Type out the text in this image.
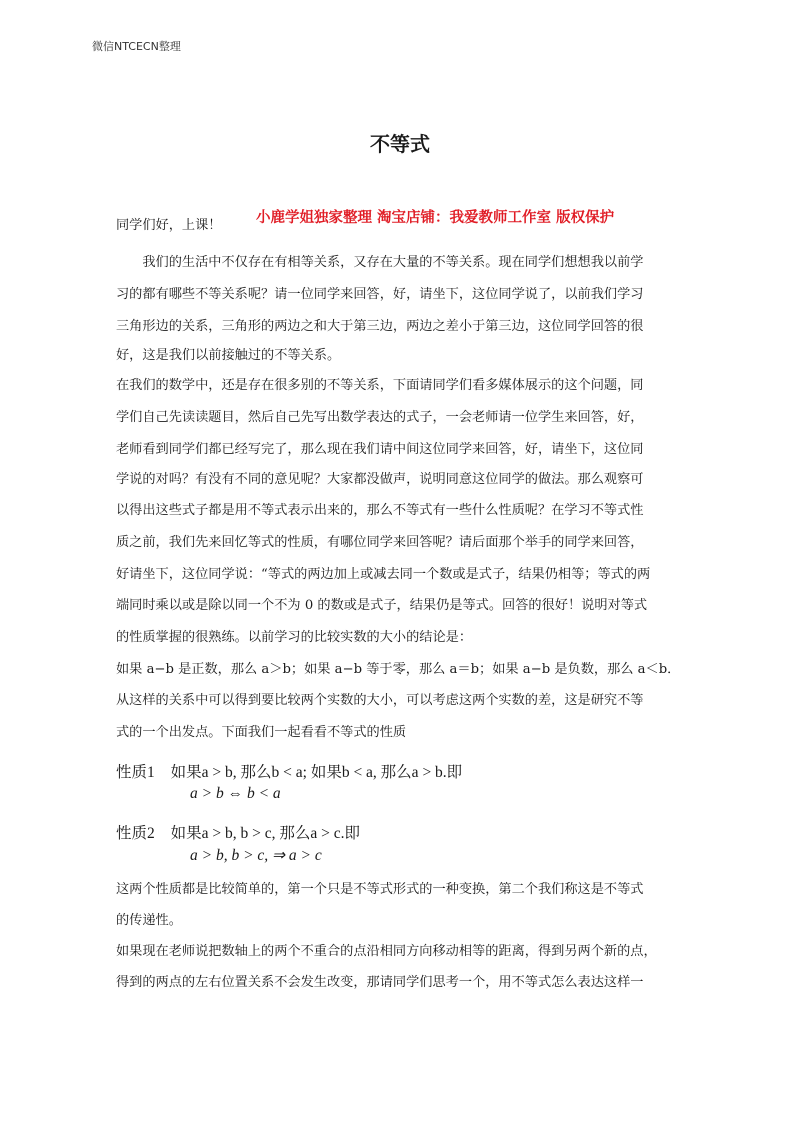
微信NTCECN整理
不等式
小鹿学姐独家整理 淘宝店铺：我爱教师工作室 版权保护
同学们好，上课！
　　我们的生活中不仅存在有相等关系，又存在大量的不等关系。现在同学们想想我以前学
习的都有哪些不等关系呢？请一位同学来回答，好，请坐下，这位同学说了，以前我们学习
三角形边的关系，三角形的两边之和大于第三边，两边之差小于第三边，这位同学回答的很
好，这是我们以前接触过的不等关系。
在我们的数学中，还是存在很多别的不等关系，下面请同学们看多媒体展示的这个问题，同
学们自己先读读题目，然后自己先写出数学表达的式子，一会老师请一位学生来回答，好，
老师看到同学们都已经写完了，那么现在我们请中间这位同学来回答，好，请坐下，这位同
学说的对吗？有没有不同的意见呢？大家都没做声，说明同意这位同学的做法。那么观察可
以得出这些式子都是用不等式表示出来的，那么不等式有一些什么性质呢？在学习不等式性
质之前，我们先来回忆等式的性质，有哪位同学来回答呢？请后面那个举手的同学来回答，
好请坐下，这位同学说：“等式的两边加上或减去同一个数或是式子，结果仍相等；等式的两
端同时乘以或是除以同一个不为 0 的数或是式子，结果仍是等式。回答的很好！说明对等式
的性质掌握的很熟练。以前学习的比较实数的大小的结论是：
如果 a−b 是正数，那么 a＞b；如果 a−b 等于零，那么 a＝b；如果 a−b 是负数，那么 a＜b．
从这样的关系中可以得到要比较两个实数的大小，可以考虑这两个实数的差，这是研究不等
式的一个出发点。下面我们一起看看不等式的性质
性质1 如果a > b, 那么b < a; 如果b < a, 那么a > b.即
a > b ⇔ b < a
性质2 如果a > b, b > c, 那么a > c.即
a > b, b > c, ⇒ a > c
这两个性质都是比较简单的，第一个只是不等式形式的一种变换，第二个我们称这是不等式
的传递性。
如果现在老师说把数轴上的两个不重合的点沿相同方向移动相等的距离，得到另两个新的点，
得到的两点的左右位置关系不会发生改变，那请同学们思考一个，用不等式怎么表达这样一
